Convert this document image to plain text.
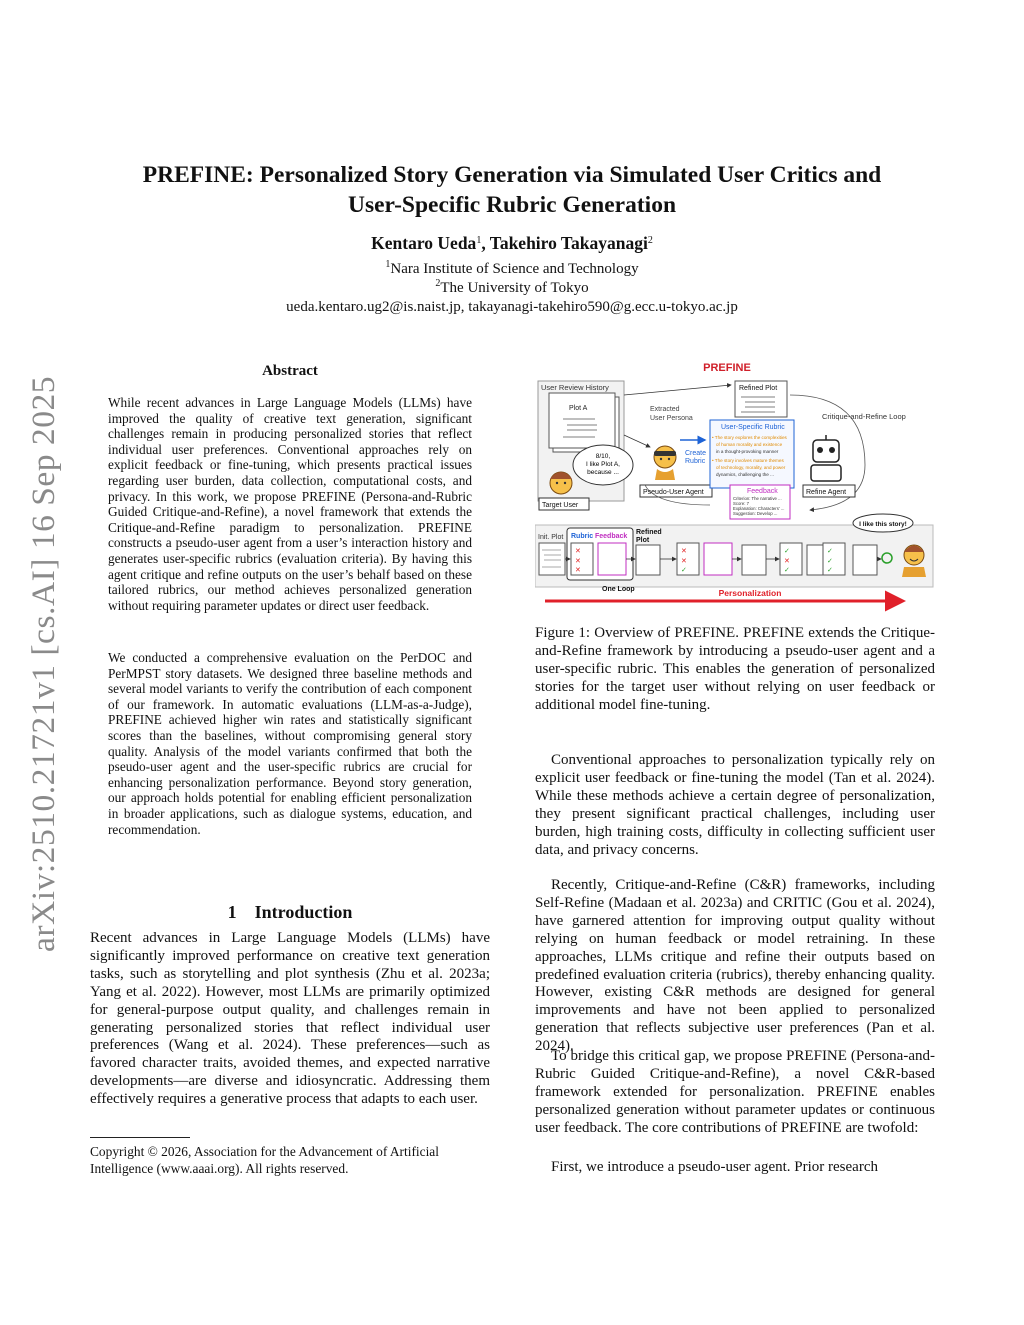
arXiv:2510.21721v1 [cs.AI] 16 Sep 2025
PREFINE: Personalized Story Generation via Simulated User Critics and
User-Specific Rubric Generation
Kentaro Ueda$^1$, Takehiro Takayanagi$^2$
$^1$Nara Institute of Science and Technology
$^2$The University of Tokyo
ueda.kentaro.ug2@is.naist.jp, takayanagi-takehiro590@g.ecc.u-tokyo.ac.jp
Abstract

While recent advances in Large Language Models (LLMs) have improved the quality of creative text generation, significant challenges remain in producing personalized stories that reflect individual user preferences. Conventional approaches rely on explicit feedback or fine-tuning, which presents practical issues regarding user burden, data collection, computational costs, and privacy. In this work, we propose PREFINE (Persona-and-Rubric Guided Critique-and-Refine), a novel framework that extends the Critique-and-Refine paradigm to personalization. PREFINE constructs a pseudo-user agent from a user’s interaction history and generates user-specific rubrics (evaluation criteria). By having this agent critique and refine outputs on the user’s behalf based on these tailored rubrics, our method achieves personalized generation without requiring parameter updates or direct user feedback.

We conducted a comprehensive evaluation on the PerDOC and PerMPST story datasets. We designed three baseline methods and several model variants to verify the contribution of each component of our framework. In automatic evaluations (LLM-as-a-Judge), PREFINE achieved higher win rates and statistically significant scores than the baselines, without compromising general story quality. Analysis of the model variants confirmed that both the pseudo-user agent and the user-specific rubrics are crucial for enhancing personalization performance. Beyond story generation, our approach holds potential for enabling efficient personalization in broader applications, such as dialogue systems, education, and recommendation.

1 Introduction

Recent advances in Large Language Models (LLMs) have significantly improved performance on creative text generation tasks, such as storytelling and plot synthesis (Zhu et al. 2023a; Yang et al. 2022). However, most LLMs are primarily optimized for general-purpose output quality, and challenges remain in generating personalized stories that reflect individual user preferences (Wang et al. 2024). These preferences—such as favored character traits, avoided themes, and expected narrative developments—are diverse and idiosyncratic. Addressing them effectively requires a generative process that adapts to each user.

Copyright © 2026, Association for the Advancement of Artificial Intelligence (www.aaai.org). All rights reserved.

PREFINE
User Review History
Plot A
8/10,
I like Plot A,
because ...
Target User
Extracted
User Persona
Pseudo-User Agent
Create
Rubric
User-Specific Rubric
• The story explores the complexities
of human morality and existence
in a thought-provoking manner
• The story involves mature themes
of technology, morality, and power
dynamics, challenging the ...
Refined Plot
Critique-and-Refine Loop
Refine Agent
Feedback
Criterion: The narrative ...
Score: 7
Explanation: Characters' ...
Suggestion: Develop ...
Init. Plot Rubric Feedback
Refined
Plot
One Loop
✕
✕
✕
✕
✕
✓
✓
✕
✓
✓
✓
✓
I like this story!
Personalization

Figure 1: Overview of PREFINE. PREFINE extends the Critique-and-Refine framework by introducing a pseudo-user agent and a user-specific rubric. This enables the generation of personalized stories for the target user without relying on user feedback or additional model fine-tuning.

Conventional approaches to personalization typically rely on explicit user feedback or fine-tuning the model (Tan et al. 2024). While these methods achieve a certain degree of personalization, they present significant practical challenges, including user burden, high training costs, difficulty in collecting sufficient user data, and privacy concerns.

Recently, Critique-and-Refine (C&R) frameworks, including Self-Refine (Madaan et al. 2023a) and CRITIC (Gou et al. 2024), have garnered attention for improving output quality without relying on human feedback or model retraining. In these approaches, LLMs critique and refine their outputs based on predefined evaluation criteria (rubrics), thereby enhancing quality. However, existing C&R methods are designed for general improvements and have not been applied to personalized generation that reflects subjective user preferences (Pan et al. 2024).

To bridge this critical gap, we propose PREFINE (Persona-and-Rubric Guided Critique-and-Refine), a novel C&R-based framework extended for personalization. PREFINE enables personalized generation without parameter updates or continuous user feedback. The core contributions of PREFINE are twofold:

First, we introduce a pseudo-user agent. Prior research
